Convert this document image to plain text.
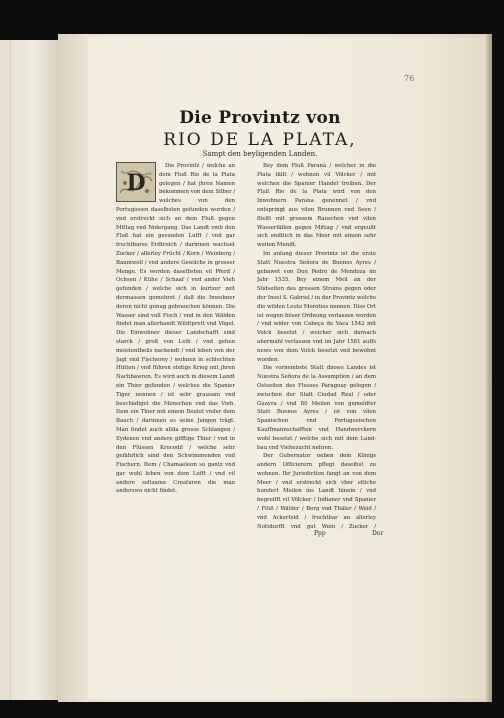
76
Die Provintz von
RIO DE LA PLATA,
Sampt den beyligenden Landen.
D

Die Provintz / welche an dem Fluß Rio de la Plata gelegen / hat jhren Namen bekommen von dem Silber / welches von den Portugiesen daselbsten gefunden worden / vnd erstreckt sich an dem Fluß gegen Mittag vnd Nidergang. Das Landt vmb den Fluß hat ein gesunden Lufft / vnd gar fruchtbares Erdtreich / darinnen wachset Zucker / allerley Frücht / Korn / Weinberg / Baumwoll / vnd andere Gewächs in grosser Menge. Es werden daselbsten vil Pferd / Ochsen / Kühe / Schaaf / vnd ander Vieh gefunden / welche sich in kurtzer zeit dermassen gemehret / daß die Inwohner deren nicht genug gebrauchen können. Die Wasser sind voll Fisch / vnd in den Wälden findet man allerhandt Wildtprett vnd Vögel. Die Einwohner dieser Landschafft sind starck / groß von Leib / vnd gehen meistentheils nackendt / vnd leben von der Jagt vnd Fischerey / wohnen in schlechten Hütten / vnd führen stetigs Krieg mit jhren Nachbawren. Es wird auch in diesem Landt ein Thier gefunden / welches die Spanier Tiger nennen / ist sehr grausam vnd beschädiget die Menschen vnd das Vieh. Item ein Thier mit einem Beutel vnder dem Bauch / darinnen es seine Jungen trägt. Man findet auch allda grosse Schlangen / Eydexen vnd andere gifftige Thier / vnd in den Flüssen Krocodil / welche sehr gefährlich sind den Schwimmenden vnd Fischern. Item / Chamaeleon so gantz vnd gar wohl leben von dem Lufft / vnd vil andere seltzame Creaturen die man anderswo nicht findet.

Bey dem Fluß Paraná / welcher in die Plata fällt / wohnen vil Völcker / mit welchen die Spanier Handel treiben. Der Fluß Rio de la Plata wird von den Inwohnern Parana genennet / vnd entspringt aus vilen Brunnen vnd Seen / fließt mit grossem Rauschen vnd vilen Wasserfällen gegen Mittag / vnd ergeußt sich endtlich in das Meer mit einem sehr weiten Mundt.

Im anfang dieser Provintz ist die erste Statt Nuestra Señora de Buenos Ayres / gebawet von Don Pedro de Mendoza im Jahr 1535. Bey einem Meil an der Südseiten des grossen Stroms gegen oder der Insel S. Gabriel / in der Provintz welche die wilden Leute Moroties nennen. Dise Ort ist wegen böser Ordnung verlassen worden / vnd wider von Cabeça de Vaca 1542 mit Volck besetzt / welcher sich darnach abermahl verlassen vnd im Jahr 1581 auffs newe von dem Volck besetzt vnd bewohnt worden.

Die vornembste Statt dieses Landes ist Nuestra Señora de la Assumption / an dem Ostseiten des Flusses Paraguay gelegen / zwischen der Statt Ciudad Real / oder Guayra / vnd 80 Meilen von gemeldter Statt Buenos Ayres / ist von vilen Spanischen vnd Portugesischen Kauffmannschafften vnd Handwerckern wohl besetzt / welche sich mit dem Land-bau vnd Viehezucht nehren.

Der Gubernator neben dem Königs andern Officierern pflegt daselbst zu wohnen. Ihr Jurisdiction fangt an von dem Meer / vnd erstreckt sich vber etliche hundert Meilen ins Landt hinein / vnd begreifft vil Völcker / Indianer vnd Spanier / Flüß / Wälder / Berg vnd Thäler / Weid / vnd Ackerfeld / fruchtbar an allerley Nottdurfft vnd gut Wein / Zucker /

Ppp	Der
